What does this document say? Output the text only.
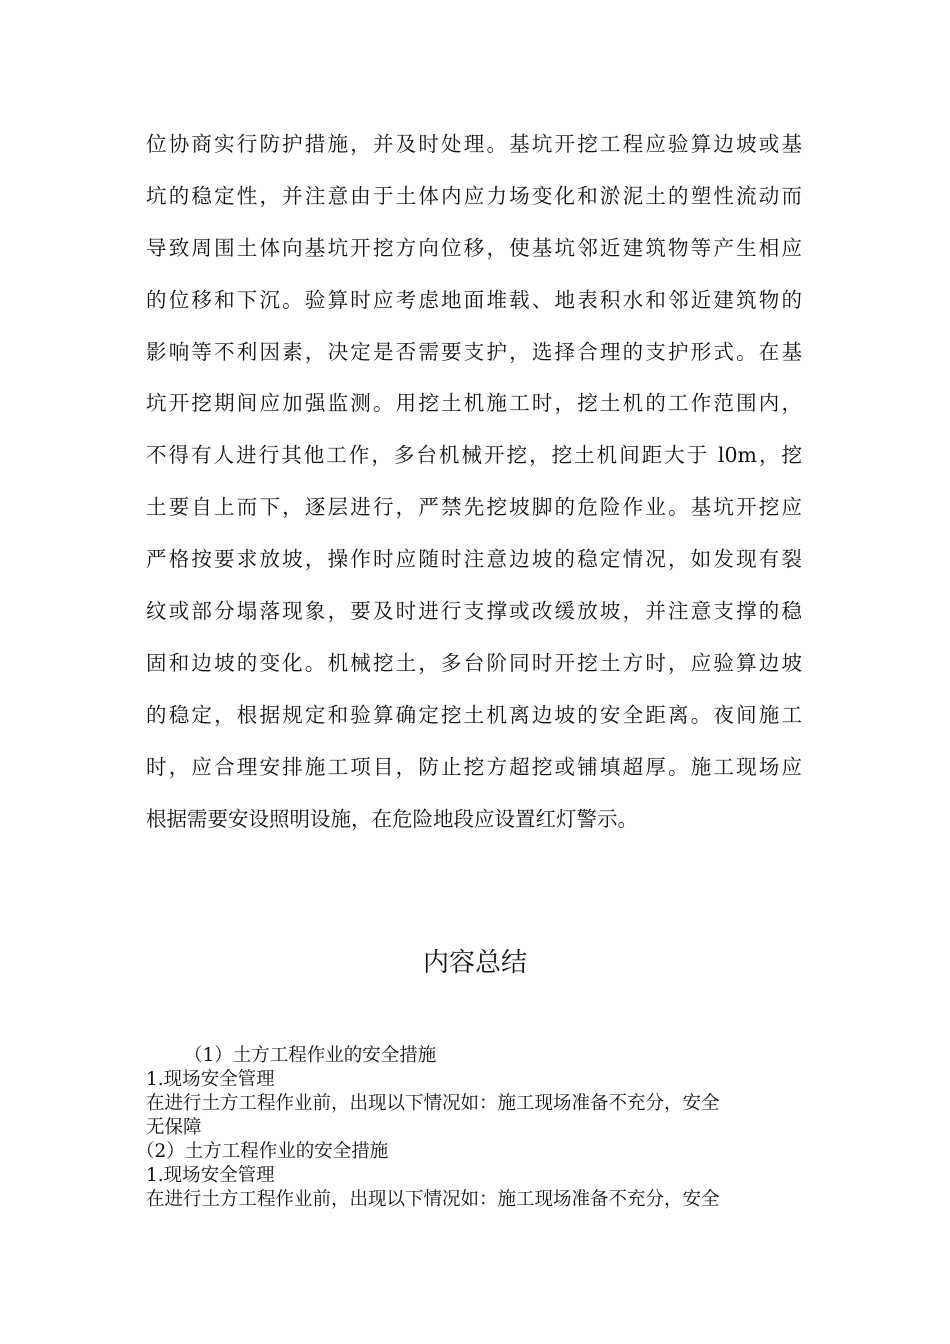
位协商实行防护措施，并及时处理。基坑开挖工程应验算边坡或基
坑的稳定性，并注意由于土体内应力场变化和淤泥土的塑性流动而
导致周围土体向基坑开挖方向位移，使基坑邻近建筑物等产生相应
的位移和下沉。验算时应考虑地面堆载、地表积水和邻近建筑物的
影响等不利因素，决定是否需要支护，选择合理的支护形式。在基
坑开挖期间应加强监测。用挖土机施工时，挖土机的工作范围内，
不得有人进行其他工作，多台机械开挖，挖土机间距大于 l0m，挖
土要自上而下，逐层进行，严禁先挖坡脚的危险作业。基坑开挖应
严格按要求放坡，操作时应随时注意边坡的稳定情况，如发现有裂
纹或部分塌落现象，要及时进行支撑或改缓放坡，并注意支撑的稳
固和边坡的变化。机械挖土，多台阶同时开挖土方时，应验算边坡
的稳定，根据规定和验算确定挖土机离边坡的安全距离。夜间施工
时，应合理安排施工项目，防止挖方超挖或铺填超厚。施工现场应
根据需要安设照明设施，在危险地段应设置红灯警示。
内容总结
（1）土方工程作业的安全措施
1.现场安全管理
在进行土方工程作业前，出现以下情况如：施工现场准备不充分，安全
无保障
（2）土方工程作业的安全措施
1.现场安全管理
在进行土方工程作业前，出现以下情况如：施工现场准备不充分，安全
